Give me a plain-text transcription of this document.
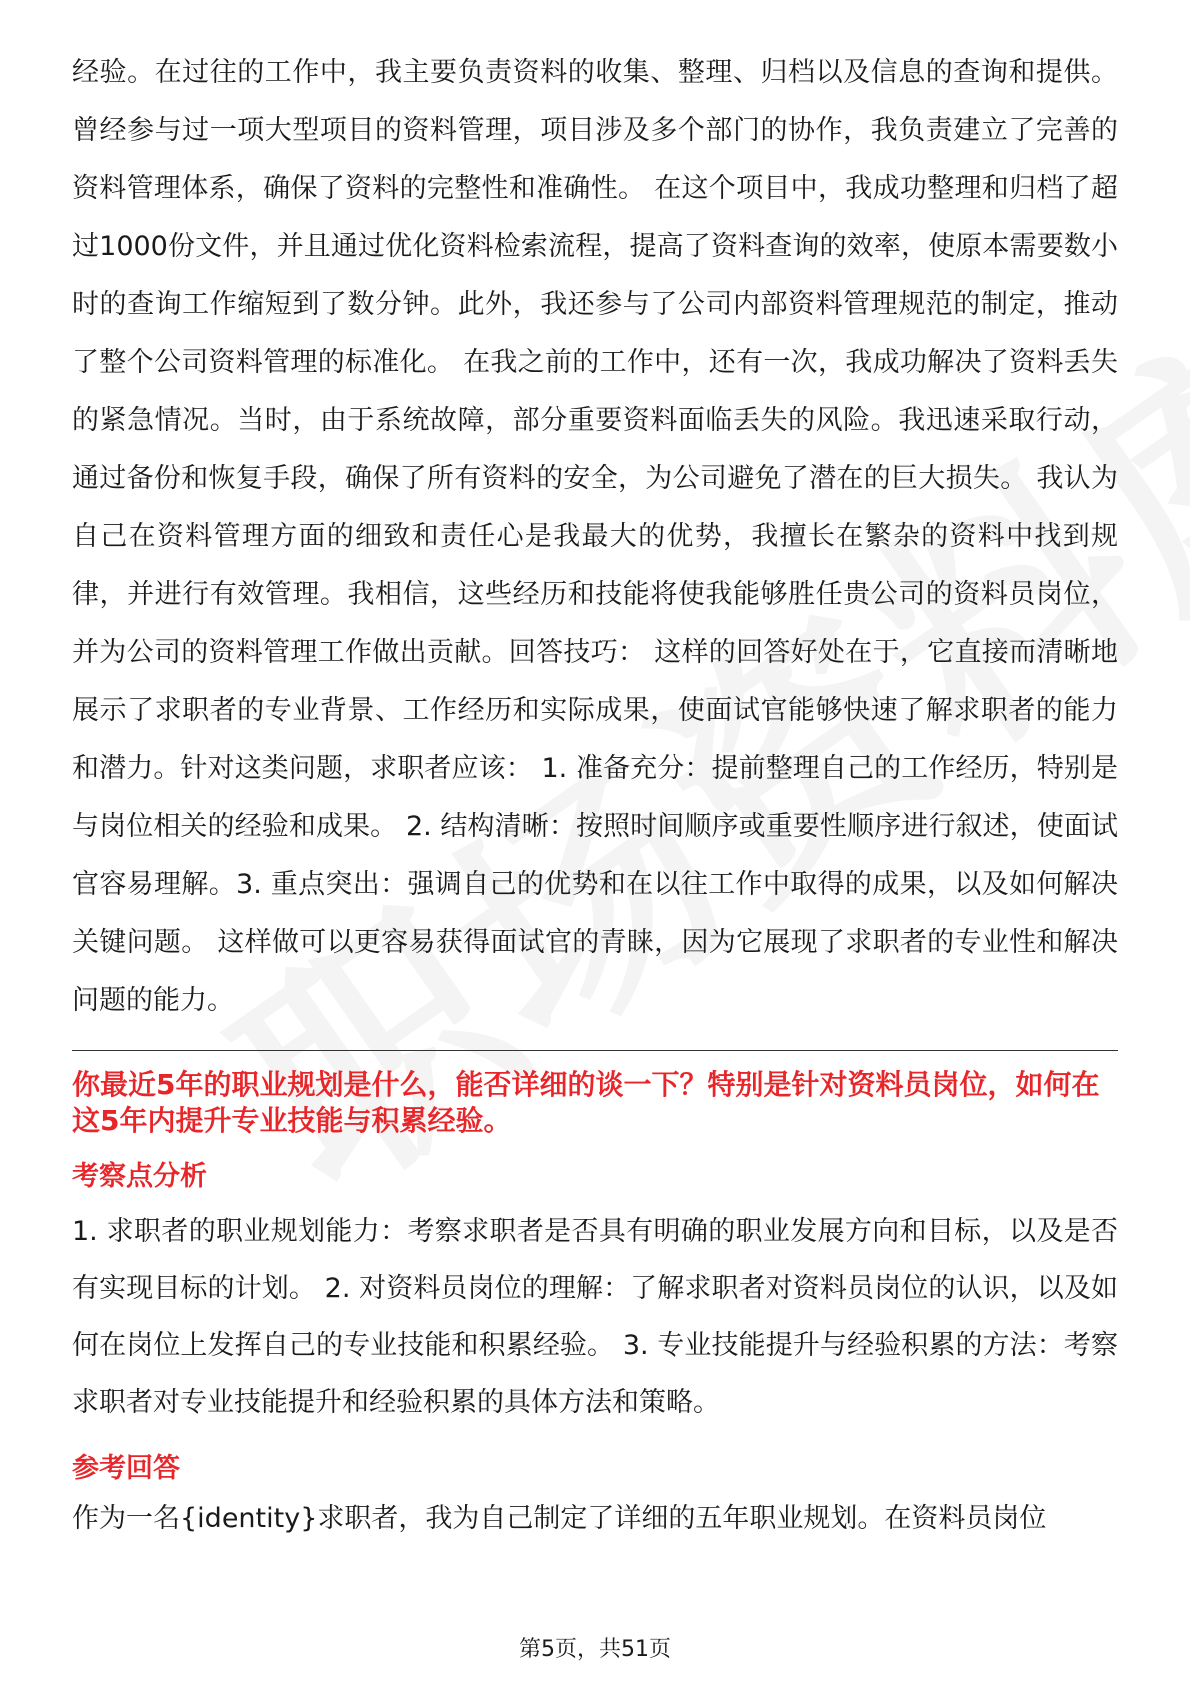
经验。在过往的工作中，我主要负责资料的收集、整理、归档以及信息的查询和提供。曾经参与过一项大型项目的资料管理，项目涉及多个部门的协作，我负责建立了完善的资料管理体系，确保了资料的完整性和准确性。 在这个项目中，我成功整理和归档了超过1000份文件，并且通过优化资料检索流程，提高了资料查询的效率，使原本需要数小时的查询工作缩短到了数分钟。此外，我还参与了公司内部资料管理规范的制定，推动了整个公司资料管理的标准化。 在我之前的工作中，还有一次，我成功解决了资料丢失的紧急情况。当时，由于系统故障，部分重要资料面临丢失的风险。我迅速采取行动，通过备份和恢复手段，确保了所有资料的安全，为公司避免了潜在的巨大损失。 我认为自己在资料管理方面的细致和责任心是我最大的优势，我擅长在繁杂的资料中找到规律，并进行有效管理。我相信，这些经历和技能将使我能够胜任贵公司的资料员岗位，并为公司的资料管理工作做出贡献。回答技巧： 这样的回答好处在于，它直接而清晰地展示了求职者的专业背景、工作经历和实际成果，使面试官能够快速了解求职者的能力和潜力。针对这类问题，求职者应该： 1. 准备充分：提前整理自己的工作经历，特别是与岗位相关的经验和成果。 2. 结构清晰：按照时间顺序或重要性顺序进行叙述，使面试官容易理解。3. 重点突出：强调自己的优势和在以往工作中取得的成果，以及如何解决关键问题。 这样做可以更容易获得面试官的青睐，因为它展现了求职者的专业性和解决问题的能力。

你最近5年的职业规划是什么，能否详细的谈一下？特别是针对资料员岗位，如何在这5年内提升专业技能与积累经验。

考察点分析

1. 求职者的职业规划能力：考察求职者是否具有明确的职业发展方向和目标，以及是否有实现目标的计划。 2. 对资料员岗位的理解：了解求职者对资料员岗位的认识，以及如何在岗位上发挥自己的专业技能和积累经验。 3. 专业技能提升与经验积累的方法：考察求职者对专业技能提升和经验积累的具体方法和策略。

参考回答

作为一名{identity}求职者，我为自己制定了详细的五年职业规划。在资料员岗位

第5页，共51页
